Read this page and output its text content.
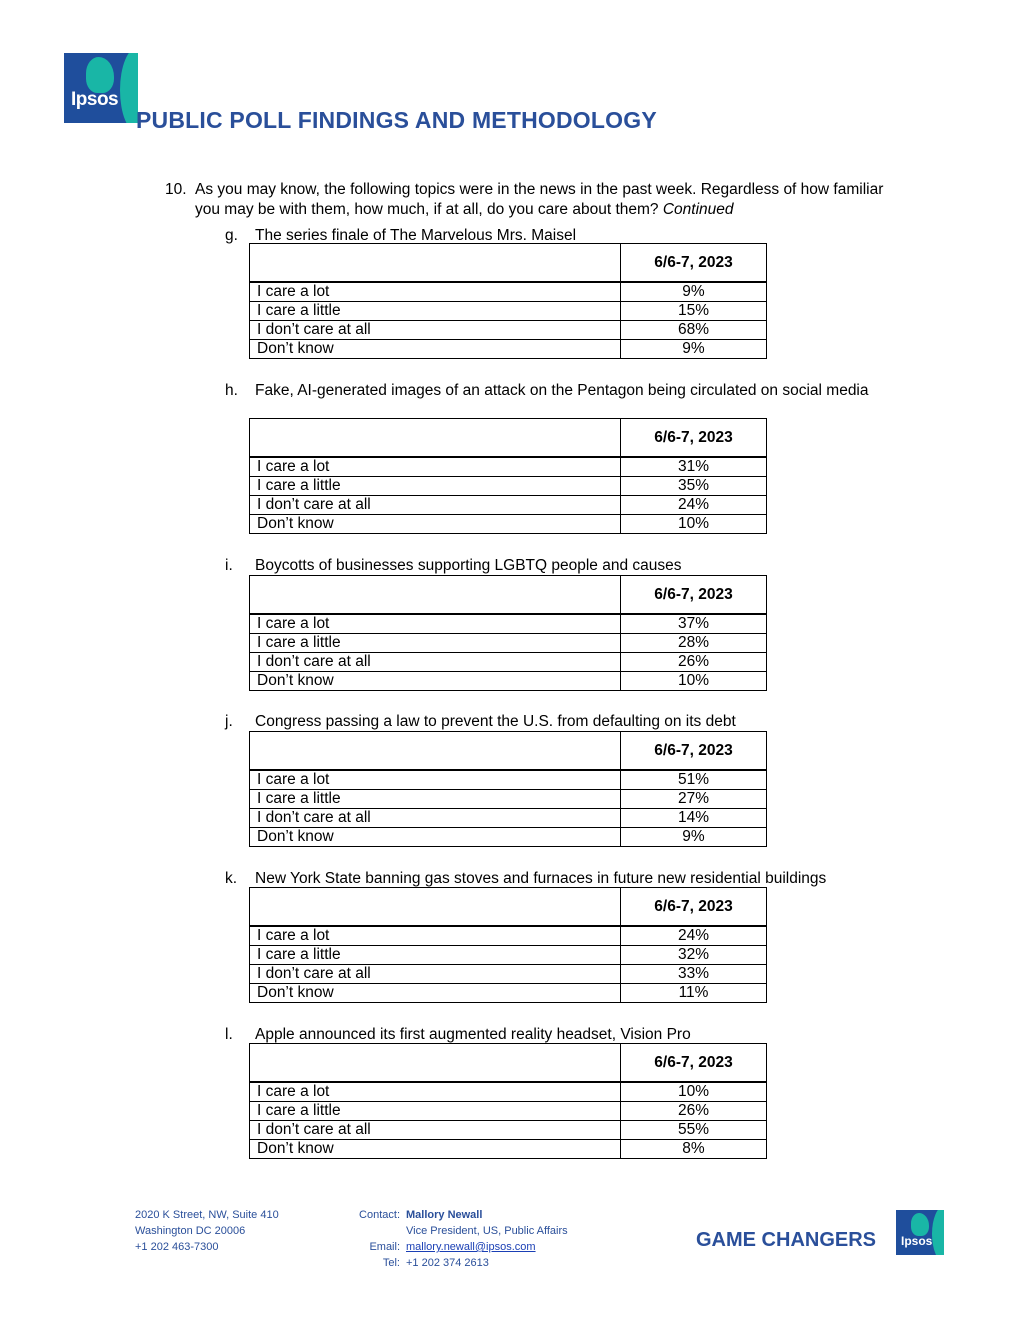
Ipsos
PUBLIC POLL FINDINGS AND METHODOLOGY
10. As you may know, the following topics were in the news in the past week. Regardless of how familiar you may be with them, how much, if at all, do you care about them? Continued
g. The series finale of The Marvelous Mrs. Maisel
	6/6-7, 2023
I care a lot	9%
I care a little	15%
I don’t care at all	68%
Don’t know	9%
h. Fake, AI-generated images of an attack on the Pentagon being circulated on social media
	6/6-7, 2023
I care a lot	31%
I care a little	35%
I don’t care at all	24%
Don’t know	10%
i. Boycotts of businesses supporting LGBTQ people and causes
	6/6-7, 2023
I care a lot	37%
I care a little	28%
I don’t care at all	26%
Don’t know	10%
j. Congress passing a law to prevent the U.S. from defaulting on its debt
	6/6-7, 2023
I care a lot	51%
I care a little	27%
I don’t care at all	14%
Don’t know	9%
k. New York State banning gas stoves and furnaces in future new residential buildings
	6/6-7, 2023
I care a lot	24%
I care a little	32%
I don’t care at all	33%
Don’t know	11%
l. Apple announced its first augmented reality headset, Vision Pro
	6/6-7, 2023
I care a lot	10%
I care a little	26%
I don’t care at all	55%
Don’t know	8%
2020 K Street, NW, Suite 410
Washington DC 20006
+1 202 463-7300
Contact: Mallory Newall
Vice President, US, Public Affairs
Email: mallory.newall@ipsos.com
Tel: +1 202 374 2613
GAME CHANGERS Ipsos
